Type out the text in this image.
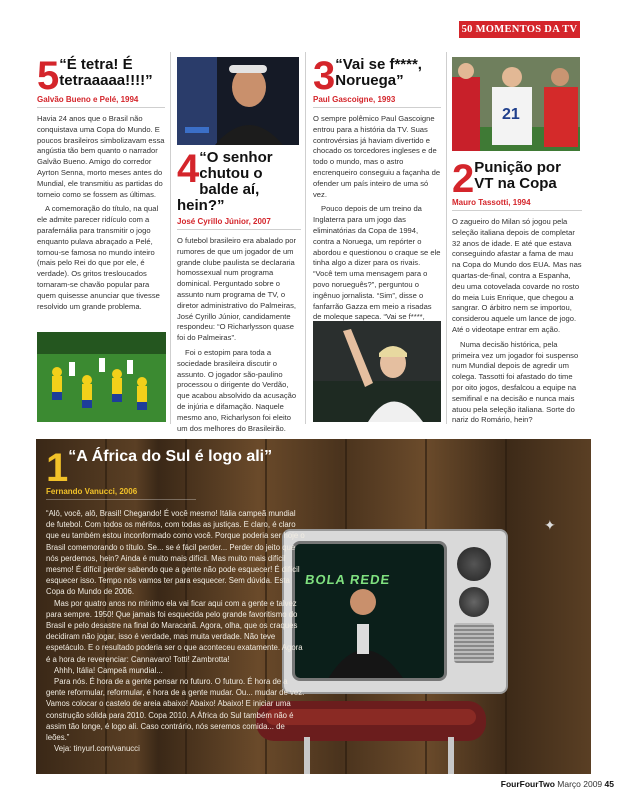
50 MOMENTOS DA TV
5 “É tetra! É tetraaaaa!!!!”
Galvão Bueno e Pelé, 1994

Havia 24 anos que o Brasil não conquistava uma Copa do Mundo. E poucos brasileiros simbolizavam essa angústia tão bem quanto o narrador Galvão Bueno. Amigo do corredor Ayrton Senna, morto meses antes do Mundial, ele transmitiu as partidas do torneio como se fossem as últimas.

A comemoração do título, na qual ele admite parecer ridículo com a parafernália para transmitir o jogo enquanto pulava abraçado a Pelé, tornou-se famosa no mundo inteiro (mais pelo Rei do que por ele, é verdade). Os gritos tresloucados tornaram-se chavão popular para quem quisesse anunciar que tivesse resolvido um grande problema.

4 “O senhor chutou o balde aí, hein?”
José Cyrillo Júnior, 2007

O futebol brasileiro era abalado por rumores de que um jogador de um grande clube paulista se declararia homossexual num programa dominical. Perguntado sobre o assunto num programa de TV, o diretor administrativo do Palmeiras, José Cyrillo Júnior, candidamente respondeu: “O Richarlysson quase foi do Palmeiras”.

Foi o estopim para toda a sociedade brasileira discutir o assunto. O jogador são-paulino processou o dirigente do Verdão, que acabou absolvido da acusação de injúria e difamação. Naquele mesmo ano, Richarlyson foi eleito um dos melhores do Brasileirão.

3 “Vai se f****, Noruega”
Paul Gascoigne, 1993

O sempre polêmico Paul Gascoigne entrou para a história da TV. Suas controvérsias já haviam divertido e chocado os torcedores ingleses e de todo o mundo, mas o astro encrenqueiro conseguiu a façanha de ofender um país inteiro de uma só vez.

Pouco depois de um treino da Inglaterra para um jogo das eliminatórias da Copa de 1994, contra a Noruega, um repórter o abordou e questionou o craque se ele tinha algo a dizer para os rivais. “Você tem uma mensagem para o povo norueguês?”, perguntou o ingênuo jornalista. “Sim”, disse o fanfarrão Gazza em meio a risadas de moleque sapeca. “Vai se f****,

21
2 Punição por VT na Copa
Mauro Tassotti, 1994

O zagueiro do Milan só jogou pela seleção italiana depois de completar 32 anos de idade. E até que estava conseguindo afastar a fama de mau na Copa do Mundo dos EUA. Mas nas quartas-de-final, contra a Espanha, deu uma cotovelada covarde no rosto do meia Luis Enrique, que chegou a sangrar. O árbitro nem se importou, considerou aquele um lance de jogo. Até o videotape entrar em ação.

Numa decisão histórica, pela primeira vez um jogador foi suspenso num Mundial depois de agredir um colega. Tassotti foi afastado do time por oito jogos, desfalcou a equipe na semifinal e na decisão e nunca mais atuou pela seleção italiana. Sorte do nariz do Romário, hein?

BOLA REDE
✦
1 “A África do Sul é logo ali”
Fernando Vanucci, 2006

“Alô, você, alô, Brasil! Chegando! É você mesmo! Itália campeã mundial de futebol. Com todos os méritos, com todas as justiças. E claro, é claro que eu também estou inconformado como você. Porque poderia ser hoje o Brasil comemorando o título. Se... se é fácil perder... Perder do jeito que nós perdemos, hein? Ainda é muito mais difícil. Mas muito mais difícil mesmo! É difícil perder sabendo que a gente não pode esquecer! É difícil esquecer isso. Tempo nós vamos ter para esquecer. Sem dúvida. Esta Copa do Mundo de 2006.

Mas por quatro anos no mínimo ela vai ficar aqui com a gente e talvez para sempre. 1950! Que jamais foi esquecida pelo grande favoritismo do Brasil e pelo desastre na final do Maracanã. Agora, olha, que os craques decidiram não jogar, isso é verdade, mas muita verdade. Não teve espetáculo. E o resultado poderia ser o que aconteceu exatamente. Agora é a hora de reverenciar: Cannavaro! Totti! Zambrotta!

Ahhh, Itália! Campeã mundial...

Para nós. É hora de a gente pensar no futuro. O futuro. É hora de a gente reformular, reformular, é hora de a gente mudar. Ou... mudar de vez. Vamos colocar o castelo de areia abaixo! Abaixo! Abaixo! E iniciar uma construção sólida para 2010. Copa 2010. A África do Sul também não é assim tão longe, é logo ali. Caso contrário, nós seremos comida... de leões.”

Veja: tinyurl.com/vanucci

FourFourTwo Março 2009 45
